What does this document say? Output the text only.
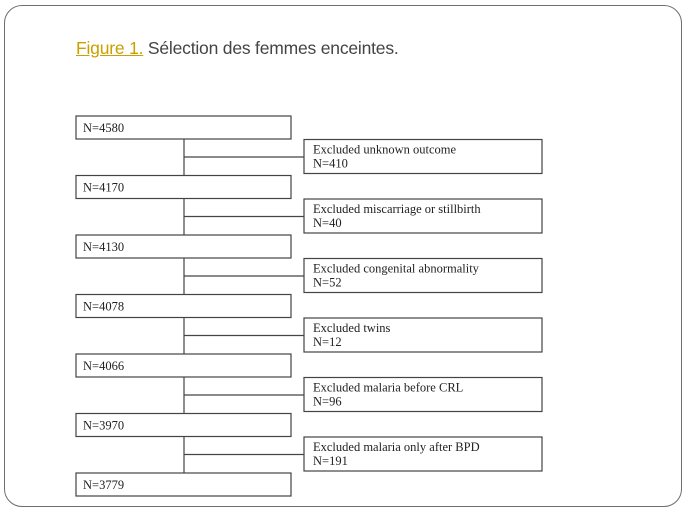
Figure 1. Sélection des femmes enceintes.
N=4580
N=4170
N=4130
N=4078
N=4066
N=3970
N=3779
Excluded unknown outcome
N=410
Excluded miscarriage or stillbirth
N=40
Excluded congenital abnormality
N=52
Excluded twins
N=12
Excluded malaria before CRL
N=96
Excluded malaria only after BPD
N=191
